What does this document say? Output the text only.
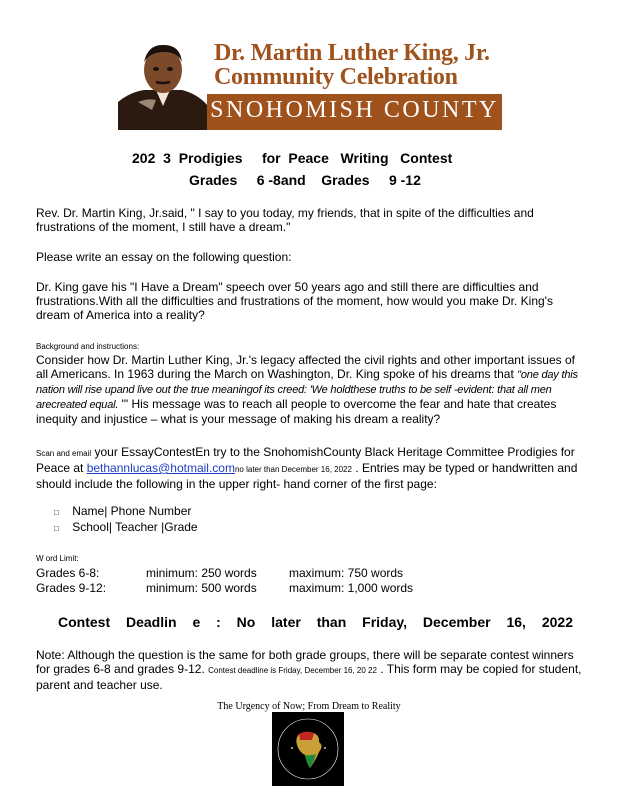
Dr. Martin Luther King, Jr.
Community Celebration
SNOHOMISH COUNTY
202  3  Prodigies     for  Peace   Writing   Contest
Grades     6 -8and    Grades     9 -12
Rev. Dr. Martin King, Jr.said, " I say to you today, my friends, that in spite of the difficulties and frustrations of the moment, I still have a dream."
Please write an essay on the following question:
Dr. King gave his "I Have a Dream" speech over 50 years ago and still there are difficulties and frustrations.With all the difficulties and frustrations of the moment, how would you make Dr. King's dream of America into a reality?
Background and instructions:
Consider how Dr. Martin Luther King, Jr.'s legacy affected the civil rights and other important issues of all Americans. In 1963 during the March on Washington, Dr. King spoke of his dreams that "one day this nation will rise upand live out the true meaningof its creed: 'We holdthese truths to be self -evident: that all men arecreated equal. '" His message was to reach all people to overcome the fear and hate that creates inequity and injustice – what is your message of making his dream a reality?
Scan and email your EssayContestEn try to the SnohomishCounty Black Heritage Committee Prodigies for Peace at bethannlucas@hotmail.comno later than December 16, 2022 . Entries may be typed or handwritten and should include the following in the upper right- hand corner of the first page:
□ Name| Phone Number
□ School| Teacher |Grade
W ord Limit:
Grades 6-8:	minimum: 250 words	maximum: 750 words
Grades 9-12:	minimum: 500 words	maximum: 1,000 words
Contest Deadlin e : No later than Friday, December 16, 2022
Note: Although the question is the same for both grade groups, there will be separate contest winners for grades 6-8 and grades 9-12. Contest deadline is Friday, December 16, 20 22 . This form may be copied for student, parent and teacher use.
The Urgency of Now; From Dream to Reality
